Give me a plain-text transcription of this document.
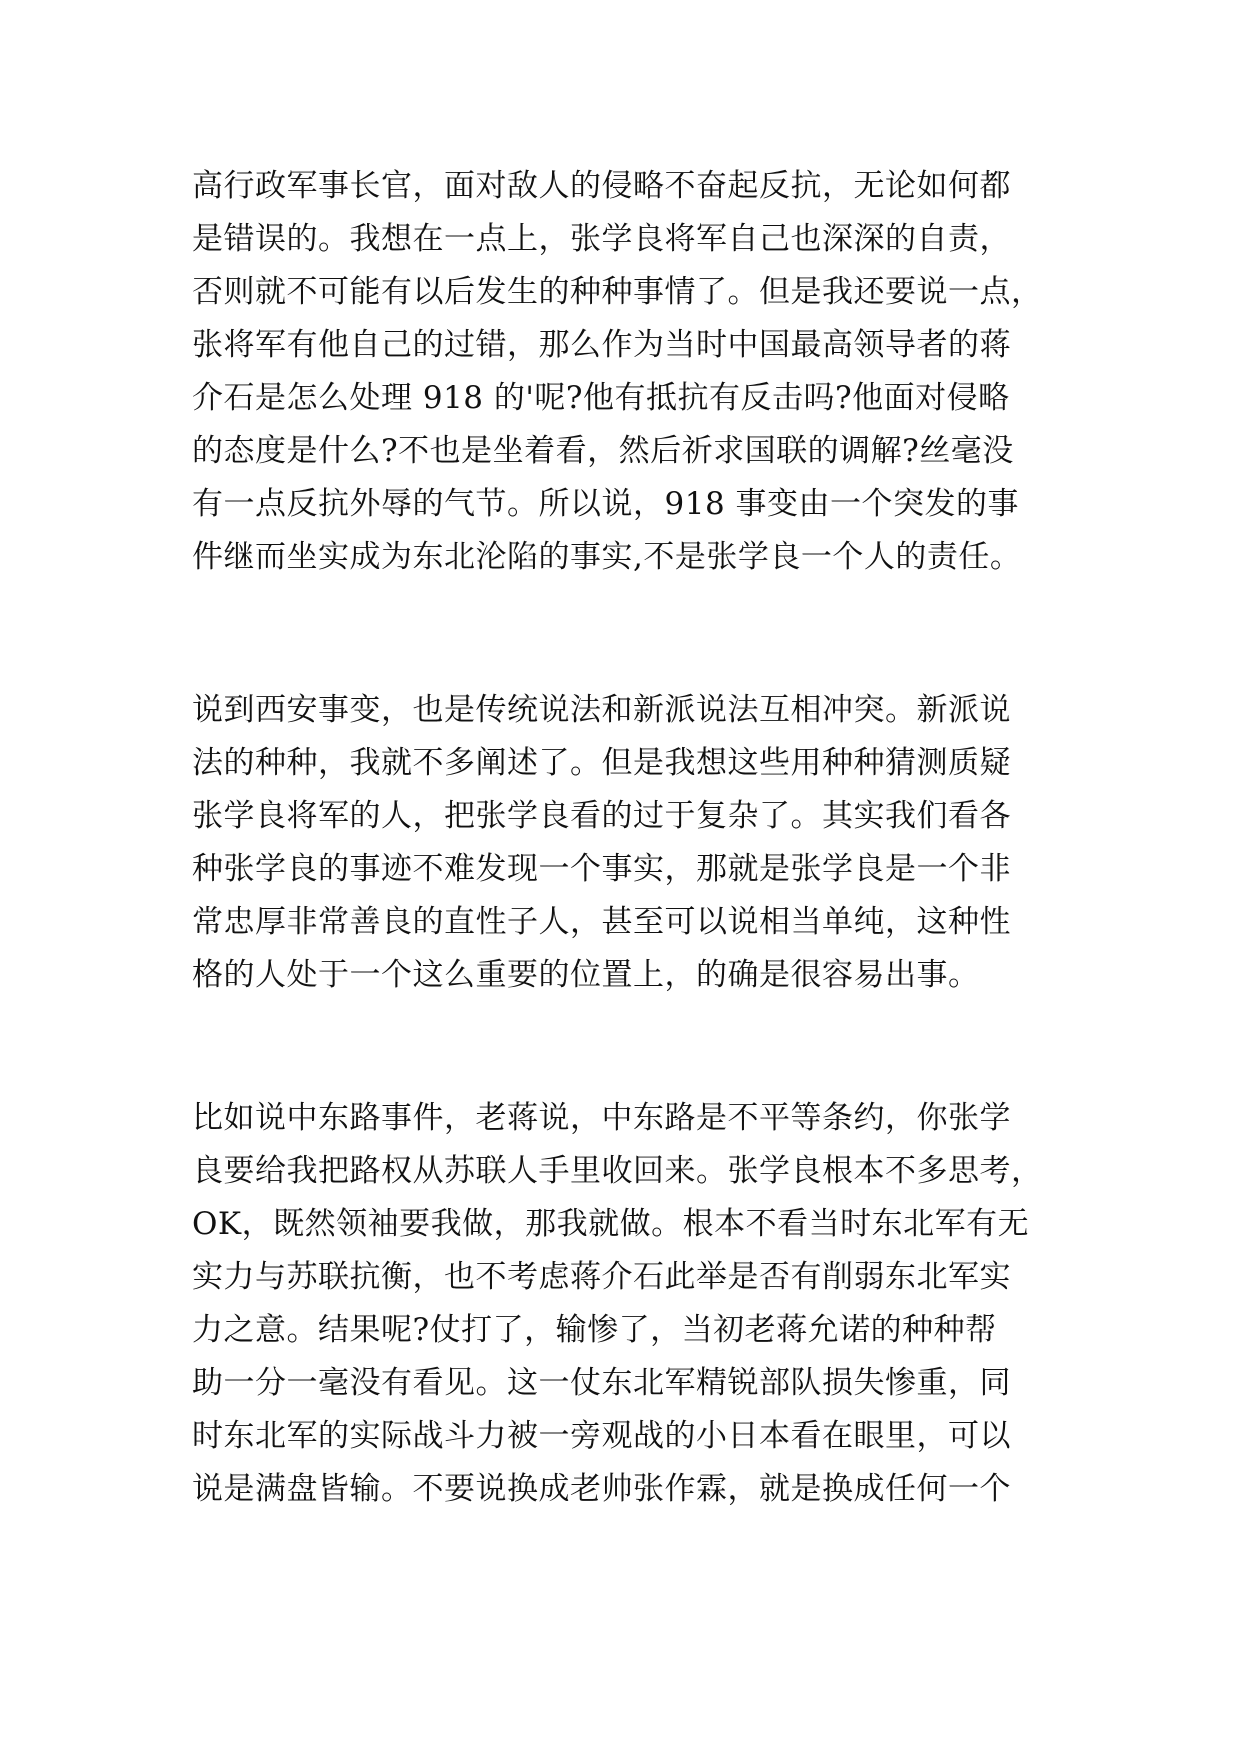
高行政军事长官，面对敌人的侵略不奋起反抗，无论如何都
是错误的。我想在一点上，张学良将军自己也深深的自责，
否则就不可能有以后发生的种种事情了。但是我还要说一点，
张将军有他自己的过错，那么作为当时中国最高领导者的蒋
介石是怎么处理 918 的'呢?他有抵抗有反击吗?他面对侵略
的态度是什么?不也是坐着看，然后祈求国联的调解?丝毫没
有一点反抗外辱的气节。所以说，918 事变由一个突发的事
件继而坐实成为东北沦陷的事实,不是张学良一个人的责任。
说到西安事变，也是传统说法和新派说法互相冲突。新派说
法的种种，我就不多阐述了。但是我想这些用种种猜测质疑
张学良将军的人，把张学良看的过于复杂了。其实我们看各
种张学良的事迹不难发现一个事实，那就是张学良是一个非
常忠厚非常善良的直性子人，甚至可以说相当单纯，这种性
格的人处于一个这么重要的位置上，的确是很容易出事。
比如说中东路事件，老蒋说，中东路是不平等条约，你张学
良要给我把路权从苏联人手里收回来。张学良根本不多思考，
OK，既然领袖要我做，那我就做。根本不看当时东北军有无
实力与苏联抗衡，也不考虑蒋介石此举是否有削弱东北军实
力之意。结果呢?仗打了，输惨了，当初老蒋允诺的种种帮
助一分一毫没有看见。这一仗东北军精锐部队损失惨重，同
时东北军的实际战斗力被一旁观战的小日本看在眼里，可以
说是满盘皆输。不要说换成老帅张作霖，就是换成任何一个
